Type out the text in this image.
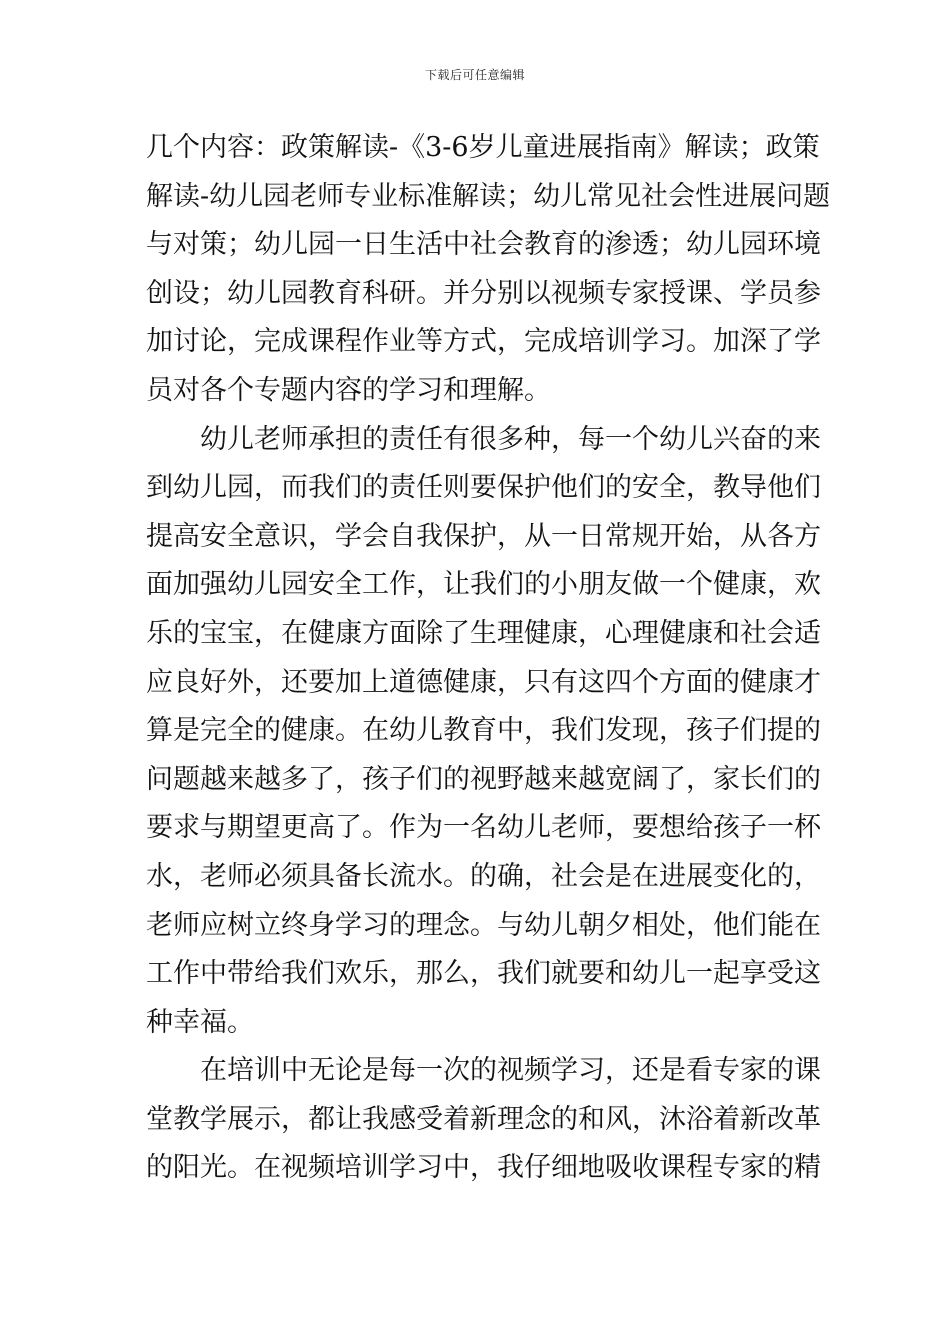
下载后可任意编辑
几个内容：政策解读-《3-6岁儿童进展指南》解读；政策
解读-幼儿园老师专业标准解读；幼儿常见社会性进展问题
与对策；幼儿园一日生活中社会教育的渗透；幼儿园环境
创设；幼儿园教育科研。并分别以视频专家授课、学员参
加讨论，完成课程作业等方式，完成培训学习。加深了学
员对各个专题内容的学习和理解。
　　幼儿老师承担的责任有很多种，每一个幼儿兴奋的来
到幼儿园，而我们的责任则要保护他们的安全，教导他们
提高安全意识，学会自我保护，从一日常规开始，从各方
面加强幼儿园安全工作，让我们的小朋友做一个健康，欢
乐的宝宝，在健康方面除了生理健康，心理健康和社会适
应良好外，还要加上道德健康，只有这四个方面的健康才
算是完全的健康。在幼儿教育中，我们发现，孩子们提的
问题越来越多了，孩子们的视野越来越宽阔了，家长们的
要求与期望更高了。作为一名幼儿老师，要想给孩子一杯
水，老师必须具备长流水。的确，社会是在进展变化的，
老师应树立终身学习的理念。与幼儿朝夕相处，他们能在
工作中带给我们欢乐，那么，我们就要和幼儿一起享受这
种幸福。
　　在培训中无论是每一次的视频学习，还是看专家的课
堂教学展示，都让我感受着新理念的和风，沐浴着新改革
的阳光。在视频培训学习中，我仔细地吸收课程专家的精
